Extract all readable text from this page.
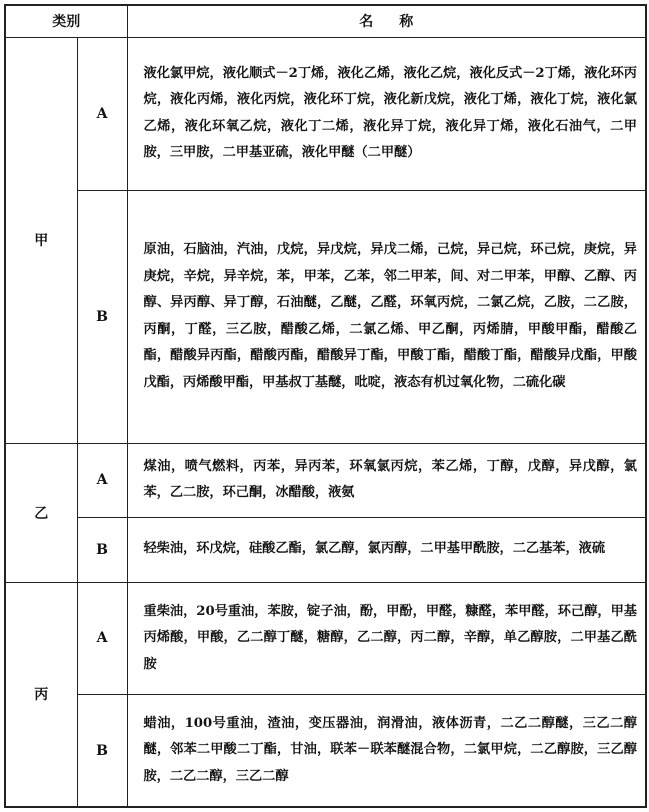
类别		名称
甲	A	液化氯甲烷，液化顺式－2丁烯，液化乙烯，液化乙烷，液化反式－2丁烯，液化环丙烷，液化丙烯，液化丙烷，液化环丁烷，液化新戊烷，液化丁烯，液化丁烷，液化氯乙烯，液化环氧乙烷，液化丁二烯，液化异丁烷，液化异丁烯，液化石油气，二甲胺，三甲胺，二甲基亚硫，液化甲醚（二甲醚）
	B	原油，石脑油，汽油，戊烷，异戊烷，异戊二烯，己烷，异己烷，环己烷，庚烷，异庚烷，辛烷，异辛烷，苯，甲苯，乙苯，邻二甲苯，间、对二甲苯，甲醇、乙醇、丙醇、异丙醇、异丁醇，石油醚，乙醚，乙醛，环氧丙烷，二氯乙烷，乙胺，二乙胺，丙酮，丁醛，三乙胺，醋酸乙烯，二氯乙烯、甲乙酮，丙烯腈，甲酸甲酯，醋酸乙酯，醋酸异丙酯，醋酸丙酯，醋酸异丁酯，甲酸丁酯，醋酸丁酯，醋酸异戊酯，甲酸戊酯，丙烯酸甲酯，甲基叔丁基醚，吡啶，液态有机过氧化物，二硫化碳
乙	A	煤油，喷气燃料，丙苯，异丙苯，环氧氯丙烷，苯乙烯，丁醇，戊醇，异戊醇，氯苯，乙二胺，环己酮，冰醋酸，液氨
	B	轻柴油，环戊烷，硅酸乙酯，氯乙醇，氯丙醇，二甲基甲酰胺，二乙基苯，液硫
丙	A	重柴油，20号重油，苯胺，锭子油，酚，甲酚，甲醛，糠醛，苯甲醛，环己醇，甲基丙烯酸，甲酸，乙二醇丁醚，糖醇，乙二醇，丙二醇，辛醇，单乙醇胺，二甲基乙酰胺
	B	蜡油，100号重油，渣油，变压器油，润滑油，液体沥青，二乙二醇醚，三乙二醇醚，邻苯二甲酸二丁酯，甘油，联苯－联苯醚混合物，二氯甲烷，二乙醇胺，三乙醇胺，二乙二醇，三乙二醇
